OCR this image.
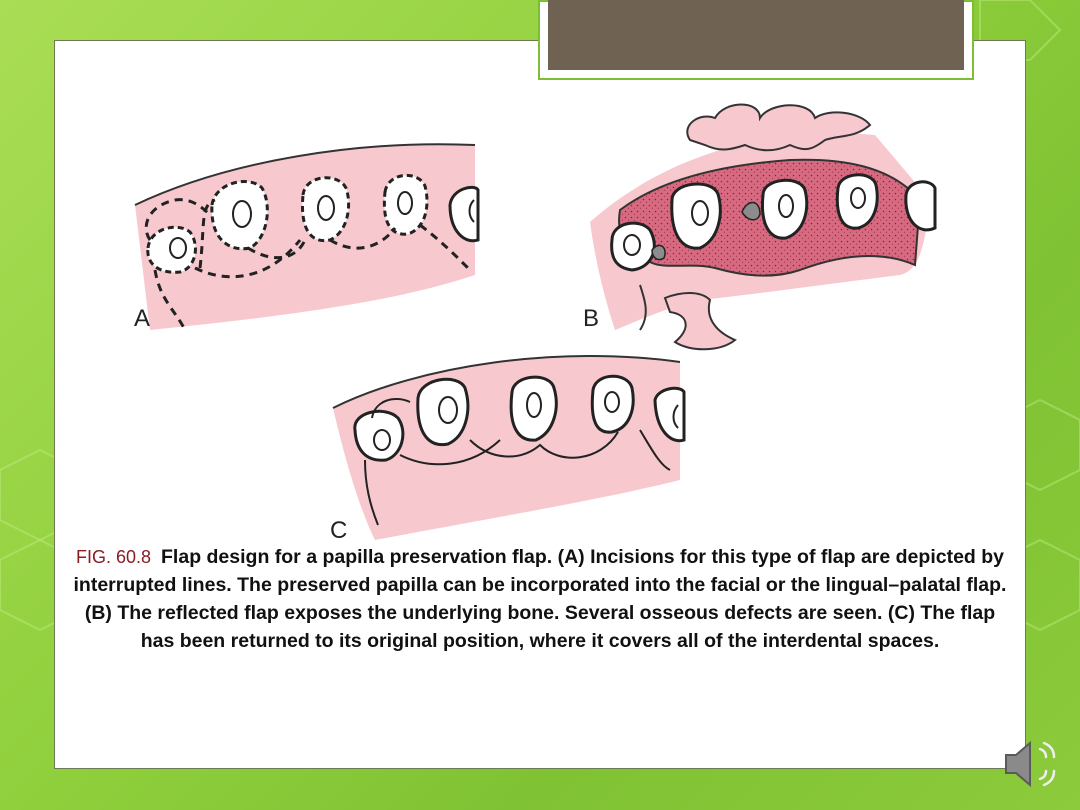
A	B
C
FIG. 60.8 Flap design for a papilla preservation flap. (A) Incisions for this type of flap are depicted by interrupted lines. The preserved papilla can be incorporated into the facial or the lingual–palatal flap. (B) The reflected flap exposes the underlying bone. Several osseous defects are seen. (C) The flap has been returned to its original position, where it covers all of the interdental spaces.
